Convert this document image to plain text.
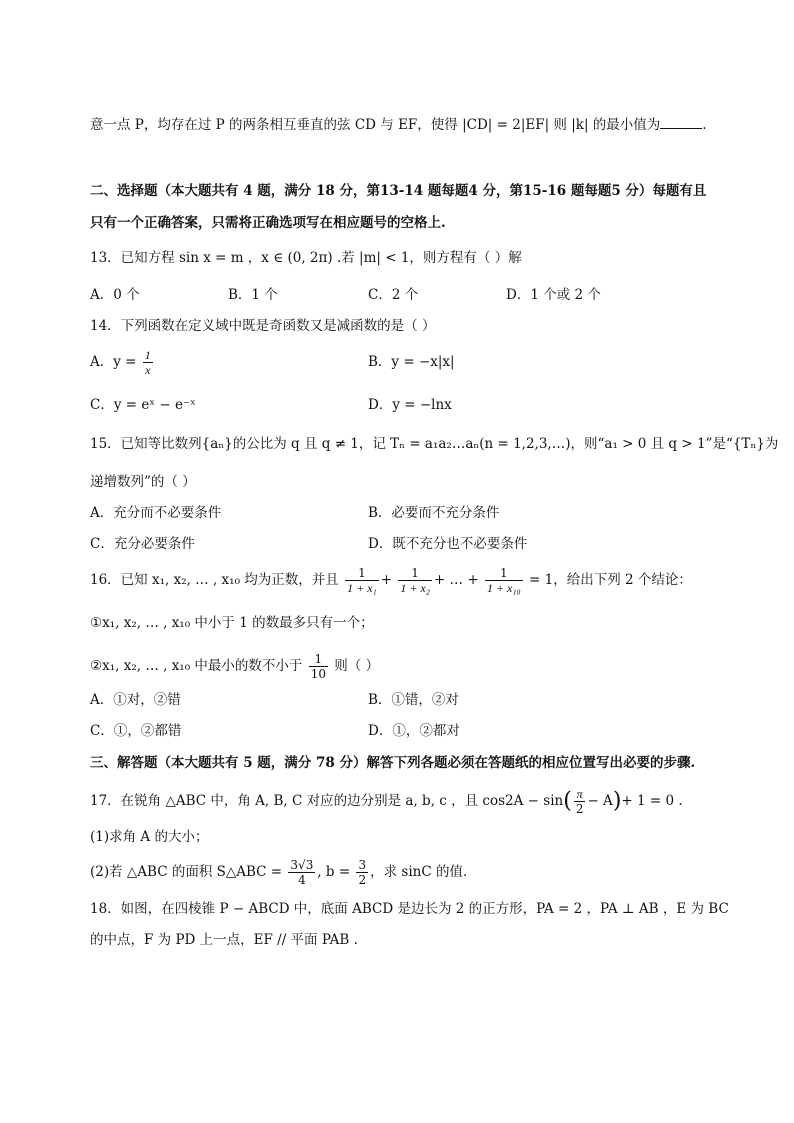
意一点 P，均存在过 P 的两条相互垂直的弦 CD 与 EF，使得 |CD| = 2|EF| 则 |k| 的最小值为	.
二、选择题（本大题共有 4 题，满分 18 分，第13-14 题每题4 分，第15-16 题每题5 分）每题有且
只有一个正确答案，只需将正确选项写在相应题号的空格上.
13．已知方程 sin x = m ，x ∈ (0, 2π) .若 |m| < 1，则方程有（ ）解
A．0 个	B．1 个	C．2 个	D．1 个或 2 个
14．下列函数在定义域中既是奇函数又是减函数的是（ ）
A．$y = \frac{1}{x}$	B．y = −x|x|
C．y = eˣ − e⁻ˣ	D．y = −lnx
15．已知等比数列{aₙ}的公比为 q 且 q ≠ 1，记 Tₙ = a₁a₂…aₙ(n = 1,2,3,…)，则“a₁ > 0 且 q > 1”是“{Tₙ}为
递增数列”的（ ）
A．充分而不必要条件	B．必要而不充分条件
C．充分必要条件	D．既不充分也不必要条件
16．已知 x₁, x₂, … , x₁₀ 均为正数，并且 $\frac{1}{\text{1 + x₁}} + \frac{1}{\text{1 + x₂}}$ + … + $\frac{1}{\text{1 + x₁₀}} = 1$，给出下列 2 个结论：
①x₁, x₂, … , x₁₀ 中小于 1 的数最多只有一个；
②x₁, x₂, … , x₁₀ 中最小的数不小于 $\frac{1}{10}$ 则（ ）
A．①对，②错	B．①错，②对
C．①，②都错	D．①，②都对
三、解答题（本大题共有 5 题，满分 78 分）解答下列各题必须在答题纸的相应位置写出必要的步骤.
17．在锐角 △ABC 中，角 A, B, C 对应的边分别是 a, b, c ，且 $\cos 2A - \sin( \frac{\pi}{2} - A)+ 1 = 0$ .
(1)求角 A 的大小；
(2)若 △ABC 的面积 S△ABC = $\frac{3√3}{4}$ , $b = \frac{3}{2}$ ，求 sinC 的值.
18．如图，在四棱锥 P − ABCD 中，底面 ABCD 是边长为 2 的正方形，PA = 2 ，PA ⊥ AB ，E 为 BC
的中点，F 为 PD 上一点，EF // 平面 PAB .
